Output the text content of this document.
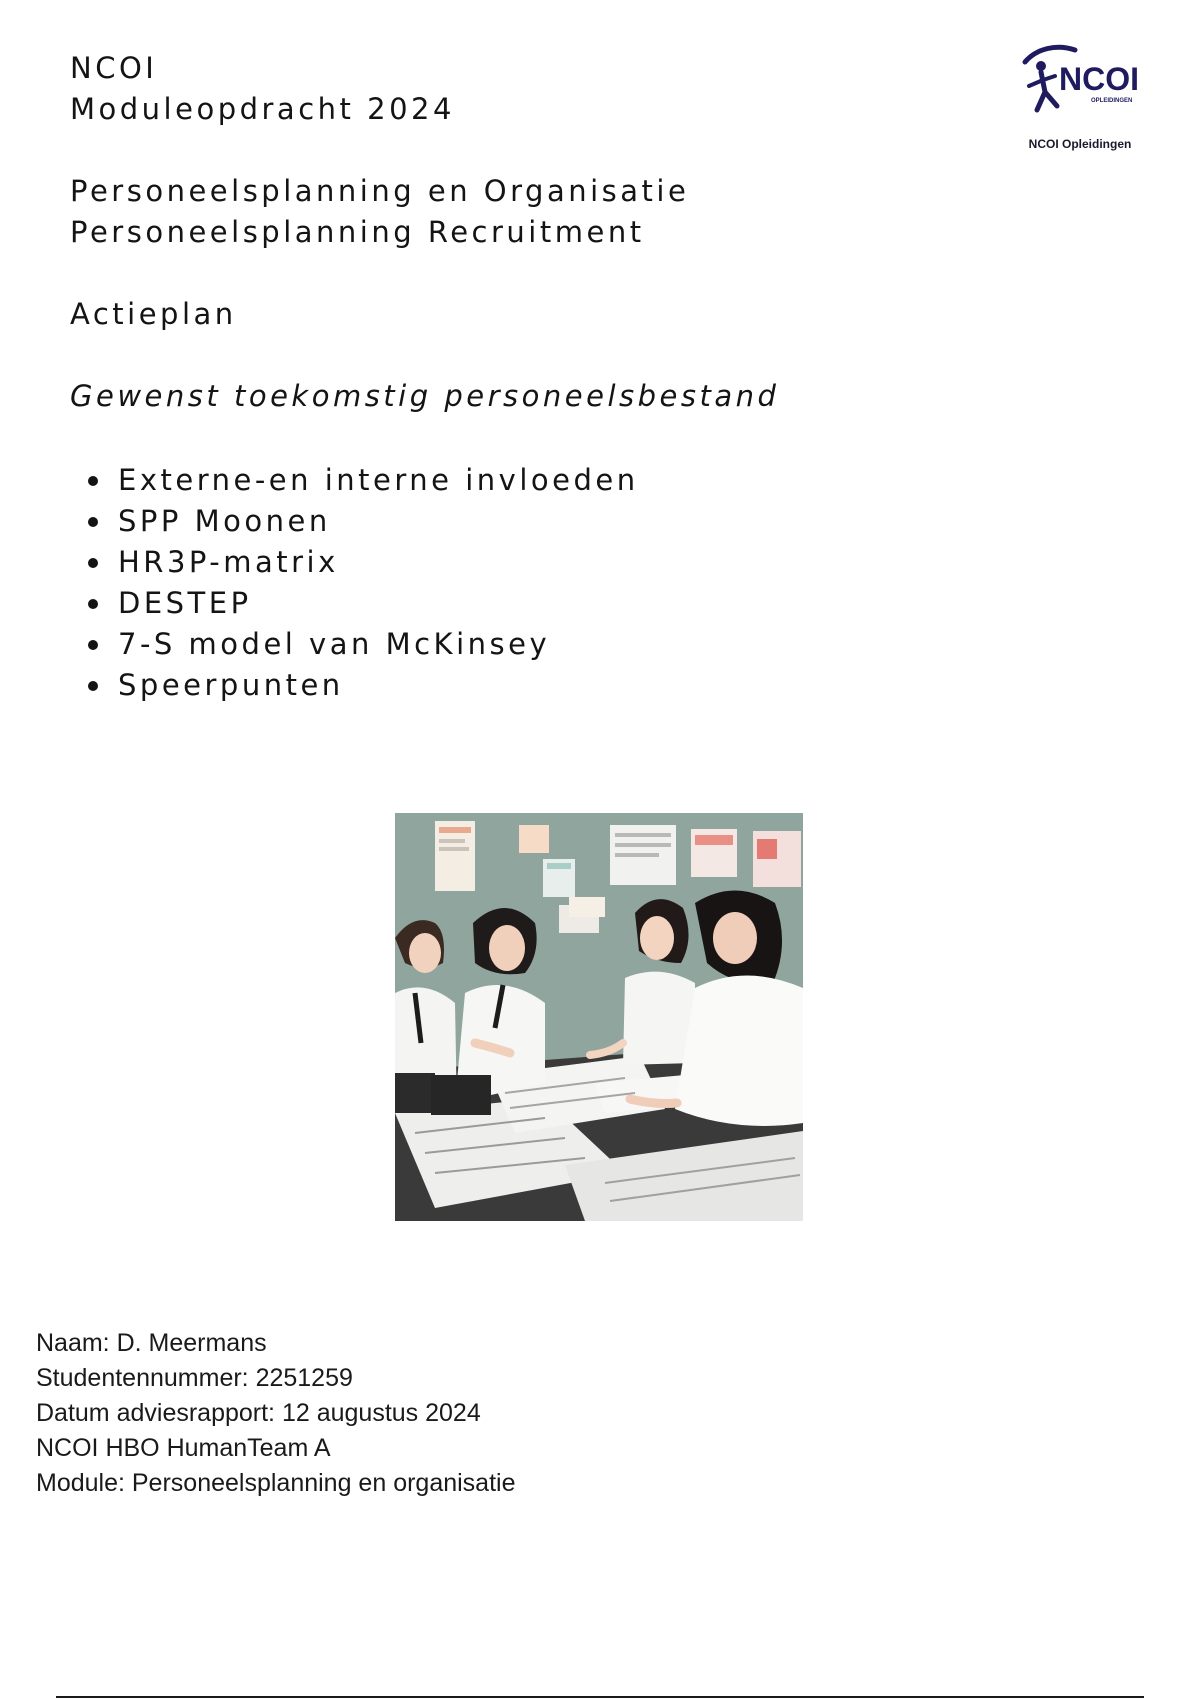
NCOI

Moduleopdracht 2024

Personeelsplanning en Organisatie

Personeelsplanning Recruitment

Actieplan

Gewenst toekomstig personeelsbestand

Externe-en interne invloeden
SPP Moonen
HR3P-matrix
DESTEP
7-S model van McKinsey
Speerpunten
NCOI
OPLEIDINGEN
NCOI Opleidingen
Naam: D. Meermans
Studentennummer: 2251259
Datum adviesrapport: 12 augustus 2024
NCOI HBO HumanTeam A
Module: Personeelsplanning en organisatie
